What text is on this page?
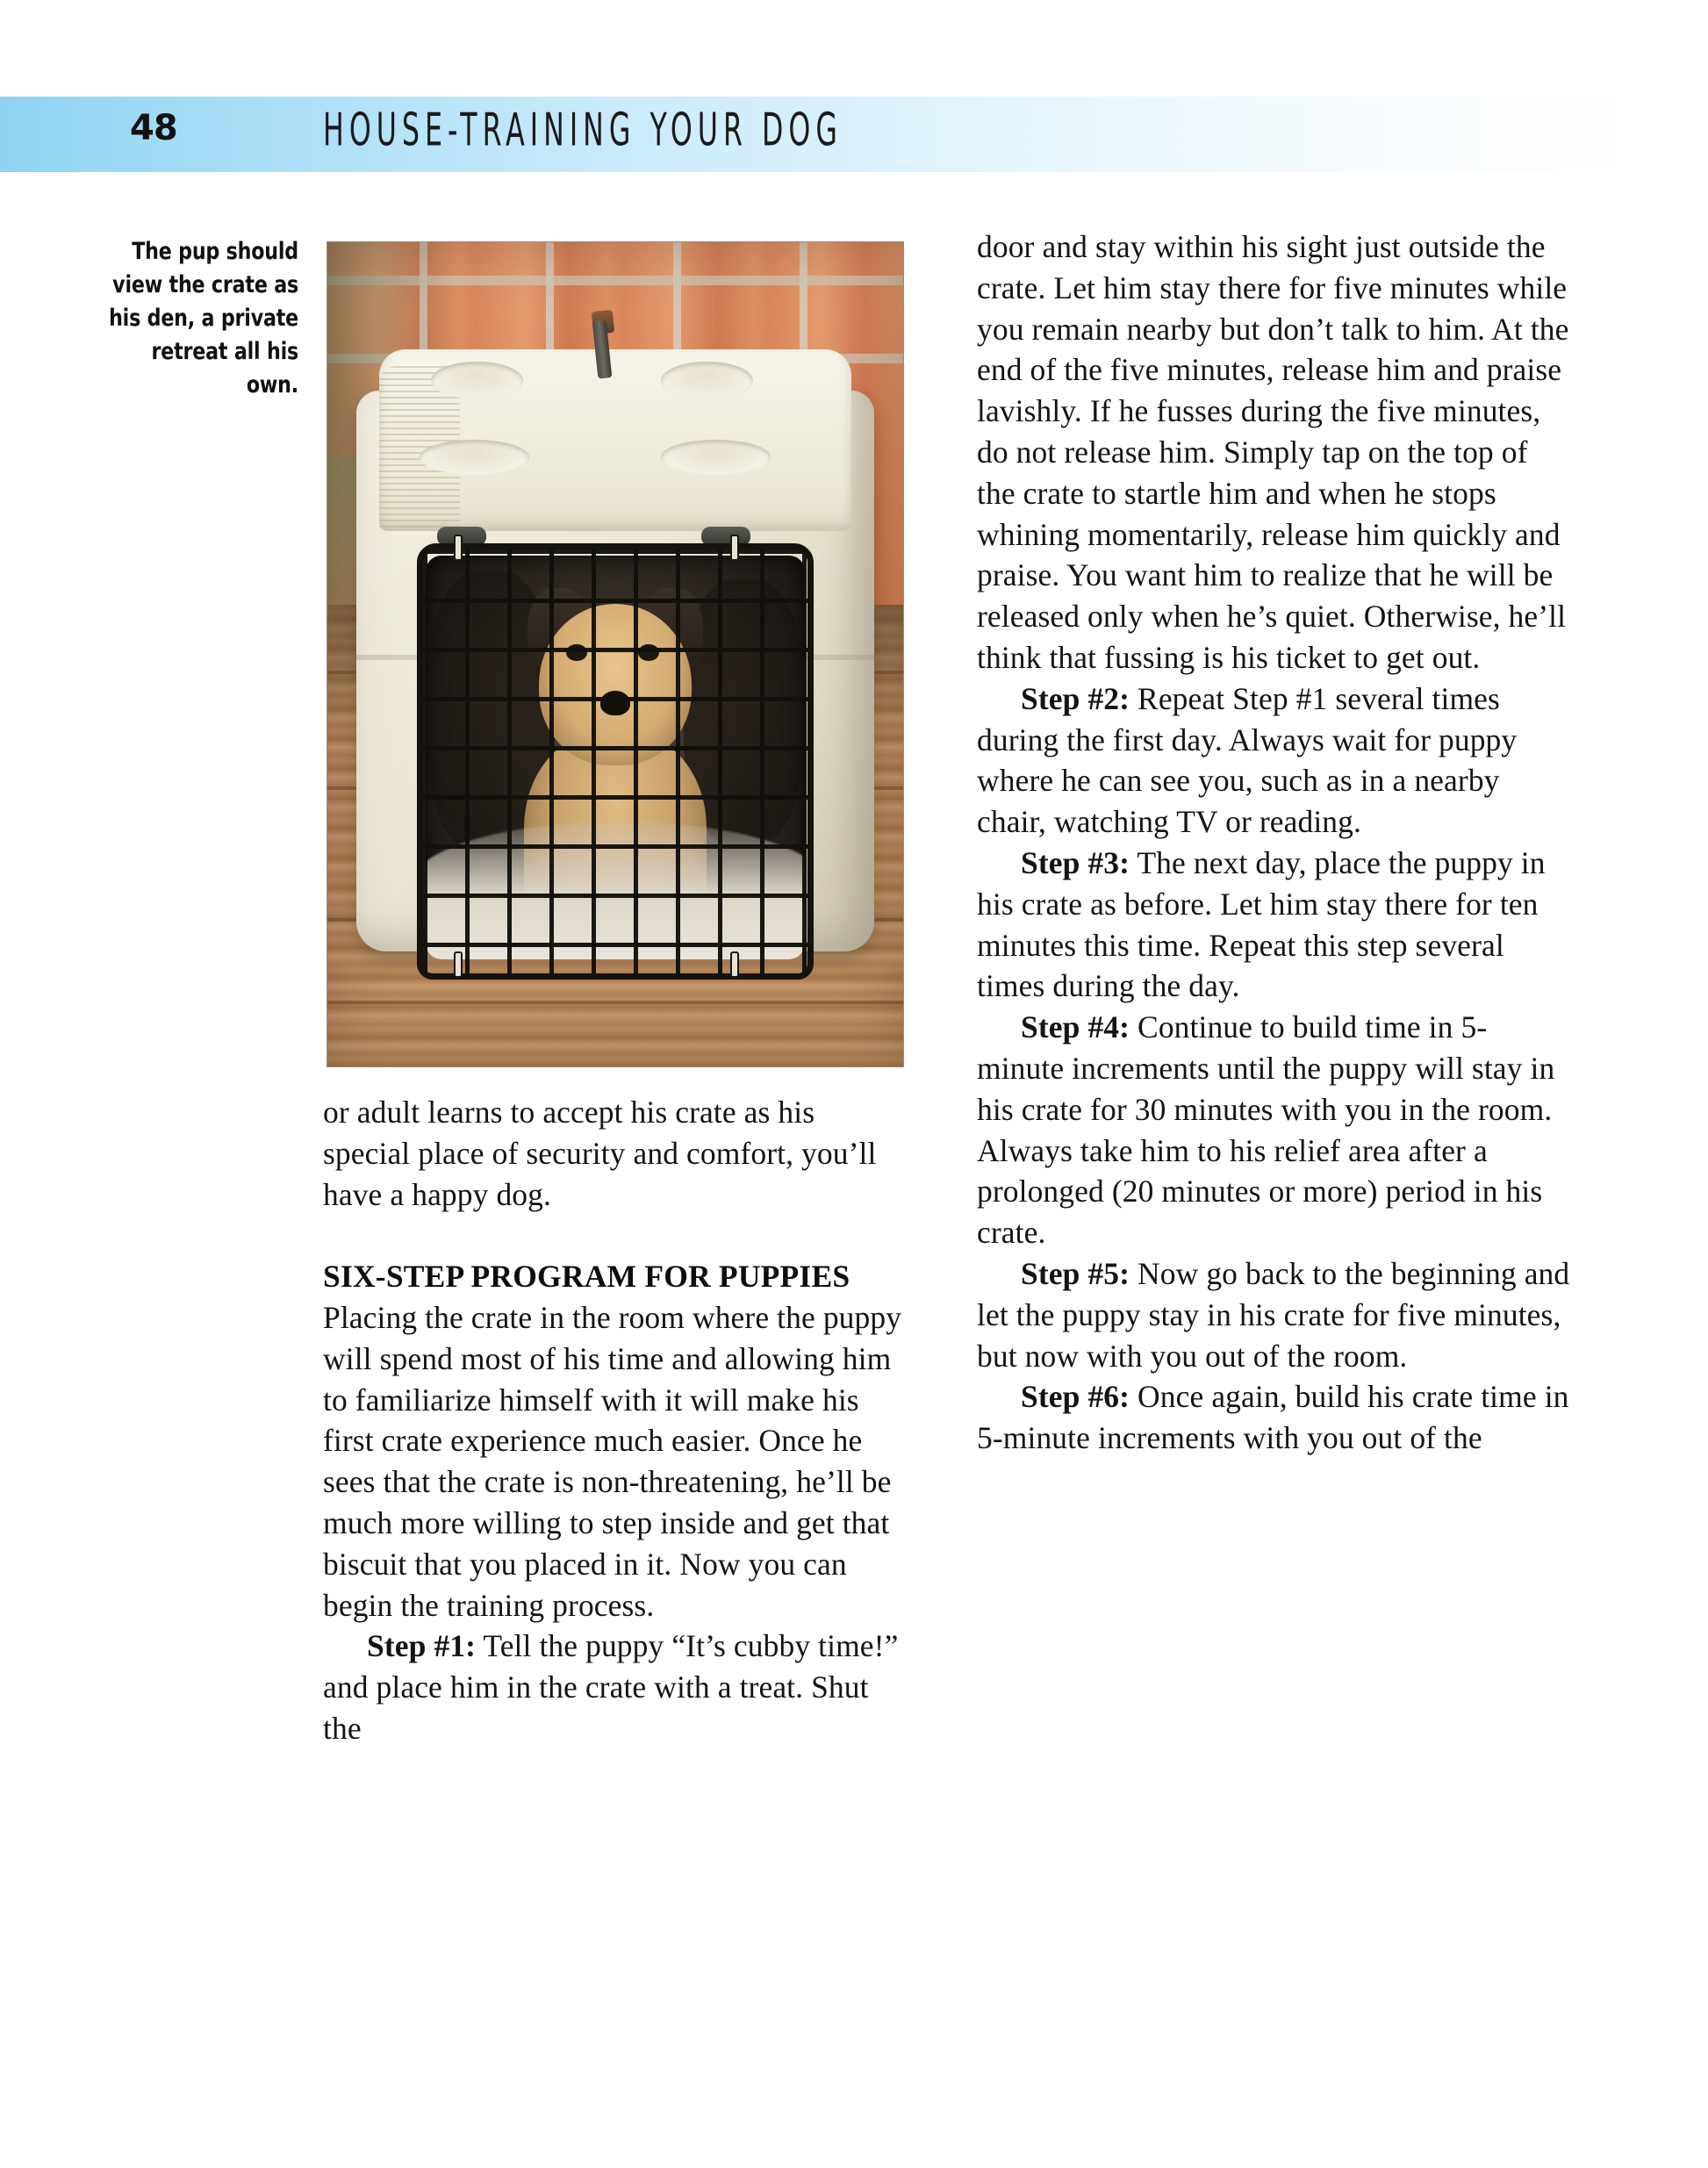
48	HOUSE-TRAINING YOUR DOG
The pup should view the crate as his den, a private retreat all his own.

or adult learns to accept his crate as his special place of security and comfort, you’ll have a happy dog.

SIX-STEP PROGRAM FOR PUPPIES

Placing the crate in the room where the puppy will spend most of his time and allowing him to familiarize himself with it will make his first crate experience much easier. Once he sees that the crate is non-threatening, he’ll be much more willing to step inside and get that biscuit that you placed in it. Now you can begin the training process.

Step #1: Tell the puppy “It’s cubby time!” and place him in the crate with a treat. Shut the

door and stay within his sight just outside the crate. Let him stay there for five minutes while you remain nearby but don’t talk to him. At the end of the five minutes, release him and praise lavishly. If he fusses during the five minutes, do not release him. Simply tap on the top of the crate to startle him and when he stops whining momentarily, release him quickly and praise. You want him to realize that he will be released only when he’s quiet. Otherwise, he’ll think that fussing is his ticket to get out.

Step #2: Repeat Step #1 several times during the first day. Always wait for puppy where he can see you, such as in a nearby chair, watching TV or reading.

Step #3: The next day, place the puppy in his crate as before. Let him stay there for ten minutes this time. Repeat this step several times during the day.

Step #4: Continue to build time in 5-minute increments until the puppy will stay in his crate for 30 minutes with you in the room. Always take him to his relief area after a prolonged (20 minutes or more) period in his crate.

Step #5: Now go back to the beginning and let the puppy stay in his crate for five minutes, but now with you out of the room.

Step #6: Once again, build his crate time in 5-minute increments with you out of the
